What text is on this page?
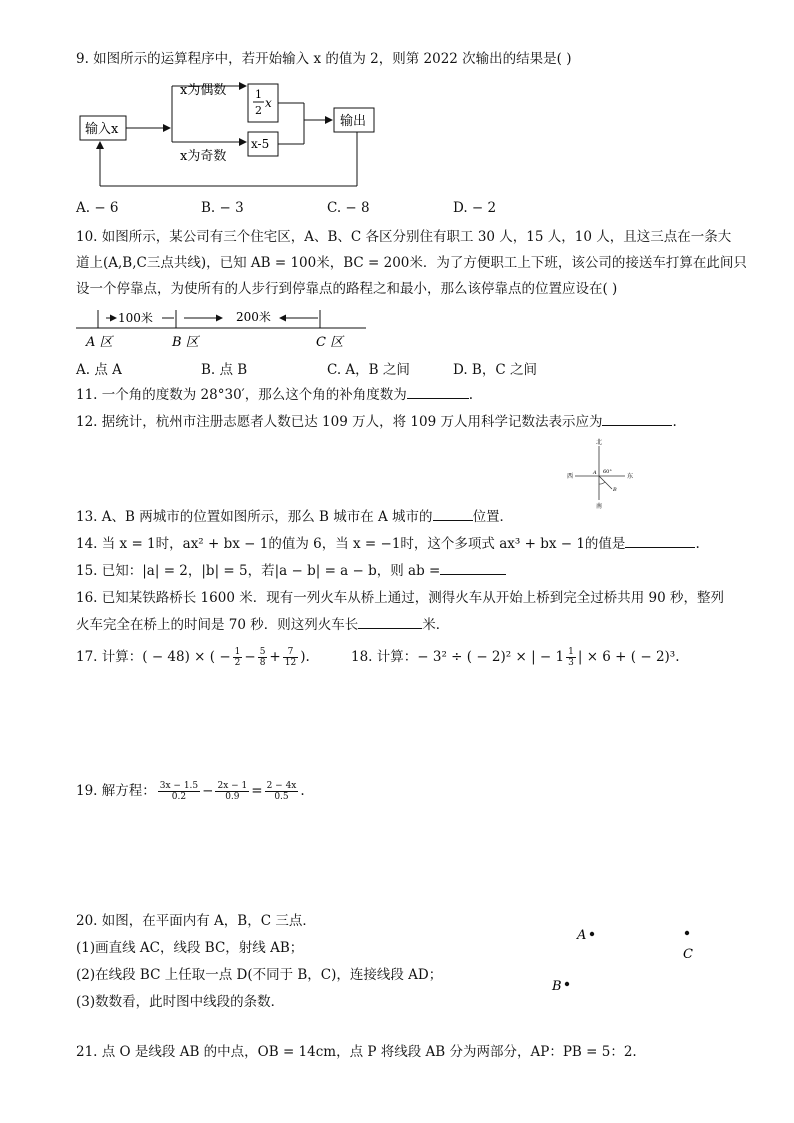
9. 如图所示的运算程序中，若开始输入 x 的值为 2，则第 2022 次输出的结果是( )
输入x
x为偶数	1
2
x
x为奇数
x-5
输出
A. − 6	B. − 3	C. − 8	D. − 2
10. 如图所示，某公司有三个住宅区，A、B、C 各区分别住有职工 30 人，15 人，10 人，且这三点在一条大
道上(A,B,C三点共线)，已知 AB = 100米，BC = 200米．为了方便职工上下班，该公司的接送车打算在此间只
设一个停靠点，为使所有的人步行到停靠点的路程之和最小，那么该停靠点的位置应设在( )
100米	200米
A 区	B 区	C 区
A. 点 A	B. 点 B	C. A，B 之间	D. B，C 之间
11. 一个角的度数为 28°30′，那么这个角的补角度数为	.
12. 据统计，杭州市注册志愿者人数已达 109 万人，将 109 万人用科学记数法表示应为	.
北
南
西	东
A
B
60°
13. A、B 两城市的位置如图所示，那么 B 城市在 A 城市的	位置．
14. 当 x = 1时，ax² + bx − 1的值为 6，当 x = −1时，这个多项式 ax³ + bx − 1的值是	.
15. 已知：|a| = 2，|b| = 5，若|a − b| = a − b，则 ab =
16. 已知某铁路桥长 1600 米．现有一列火车从桥上通过，测得火车从开始上桥到完全过桥共用 90 秒，整列
火车完全在桥上的时间是 70 秒．则这列火车长	米．
17. 计算：( − 48) × ( − $\frac{1}{2} - \frac{5}{8} + \frac{7}{12}$ ).	18. 计算：− 3² ÷ ( − 2)² × | − $1 \frac{1}{3}$ | × 6 + ( − 2)³.
19. 解方程： $\frac{3x - 1.5}{0.2} - \frac{2x - 1}{0.9} = \frac{2 - 4x}{0.5}$ .
20. 如图，在平面内有 A，B，C 三点．
(1)画直线 AC，线段 BC，射线 AB；
(2)在线段 BC 上任取一点 D(不同于 B，C)，连接线段 AD；
(3)数数看，此时图中线段的条数．
A
C
B
21. 点 O 是线段 AB 的中点，OB = 14cm，点 P 将线段 AB 分为两部分，AP：PB = 5：2.
